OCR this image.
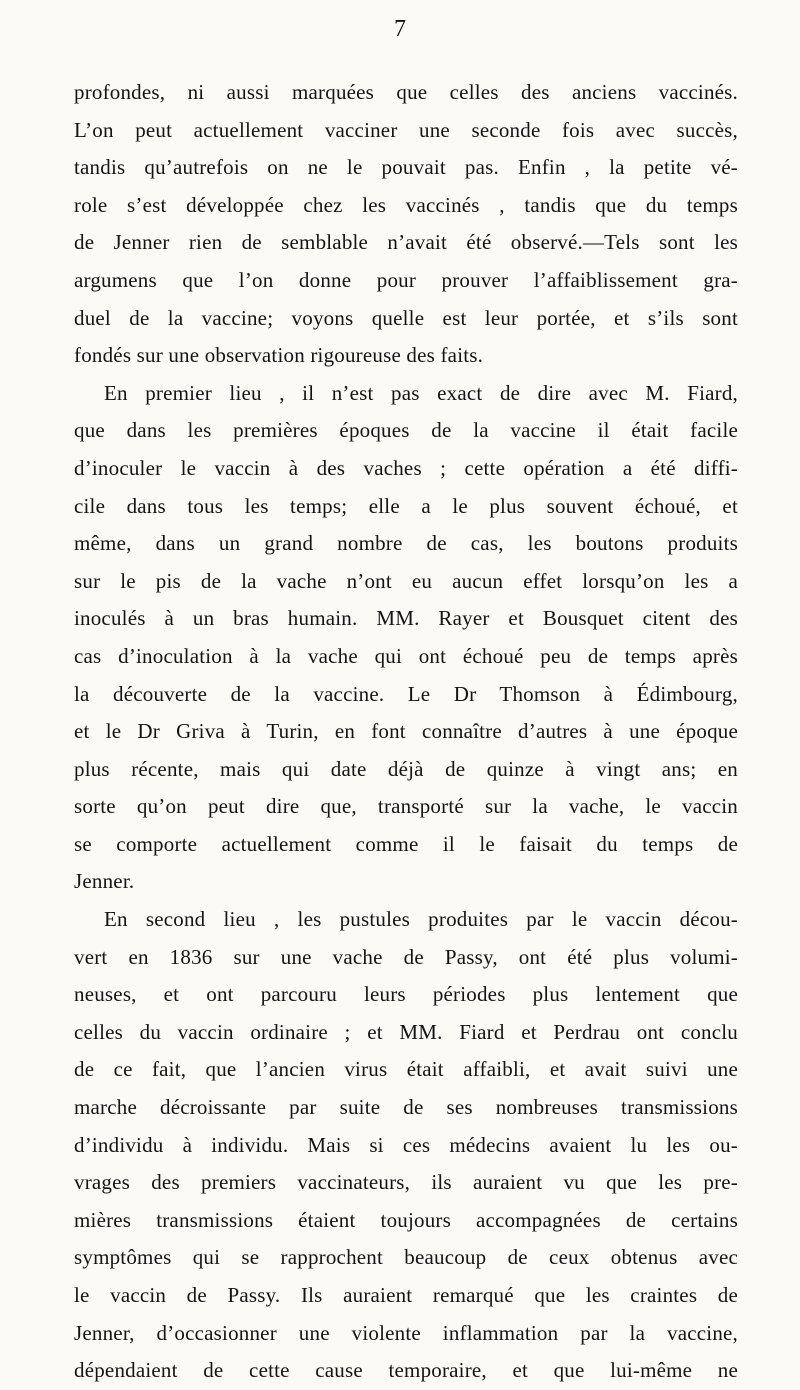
7
profondes, ni aussi marquées que celles des anciens vaccinés.
L’on peut actuellement vacciner une seconde fois avec succès,
tandis qu’autrefois on ne le pouvait pas. Enfin , la petite vé-
role s’est développée chez les vaccinés , tandis que du temps
de Jenner rien de semblable n’avait été observé.—Tels sont les
argumens que l’on donne pour prouver l’affaiblissement gra-
duel de la vaccine; voyons quelle est leur portée, et s’ils sont
fondés sur une observation rigoureuse des faits.
En premier lieu , il n’est pas exact de dire avec M. Fiard,
que dans les premières époques de la vaccine il était facile
d’inoculer le vaccin à des vaches ; cette opération a été diffi-
cile dans tous les temps; elle a le plus souvent échoué, et
même, dans un grand nombre de cas, les boutons produits
sur le pis de la vache n’ont eu aucun effet lorsqu’on les a
inoculés à un bras humain. MM. Rayer et Bousquet citent des
cas d’inoculation à la vache qui ont échoué peu de temps après
la découverte de la vaccine. Le Dr Thomson à Édimbourg,
et le Dr Griva à Turin, en font connaître d’autres à une époque
plus récente, mais qui date déjà de quinze à vingt ans; en
sorte qu’on peut dire que, transporté sur la vache, le vaccin
se comporte actuellement comme il le faisait du temps de
Jenner.
En second lieu , les pustules produites par le vaccin décou-
vert en 1836 sur une vache de Passy, ont été plus volumi-
neuses, et ont parcouru leurs périodes plus lentement que
celles du vaccin ordinaire ; et MM. Fiard et Perdrau ont conclu
de ce fait, que l’ancien virus était affaibli, et avait suivi une
marche décroissante par suite de ses nombreuses transmissions
d’individu à individu. Mais si ces médecins avaient lu les ou-
vrages des premiers vaccinateurs, ils auraient vu que les pre-
mières transmissions étaient toujours accompagnées de certains
symptômes qui se rapprochent beaucoup de ceux obtenus avec
le vaccin de Passy. Ils auraient remarqué que les craintes de
Jenner, d’occasionner une violente inflammation par la vaccine,
dépendaient de cette cause temporaire, et que lui-même ne
